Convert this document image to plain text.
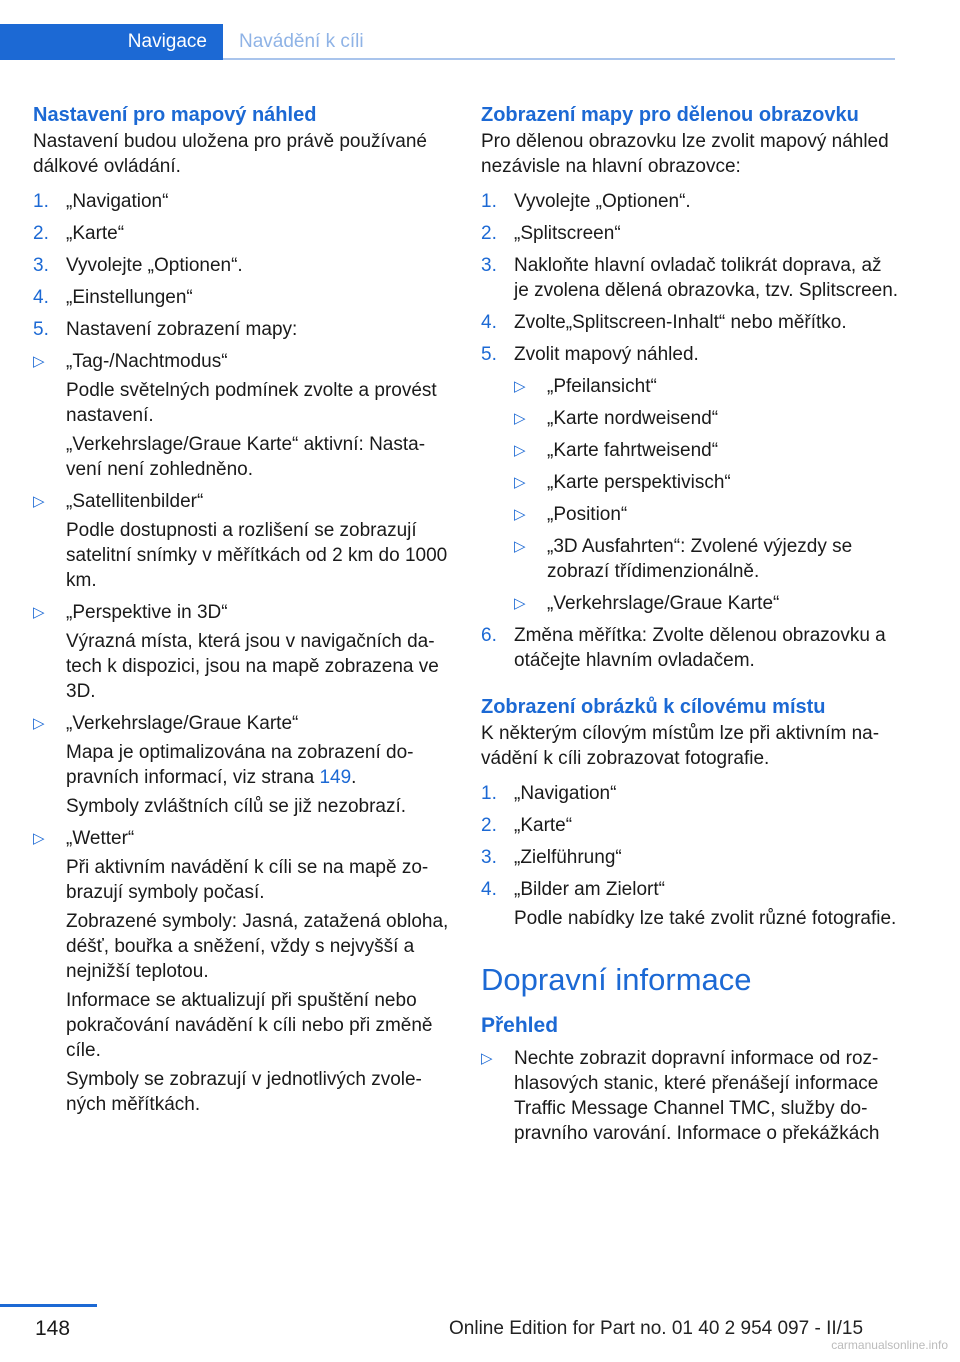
Navigace	Navádění k cíli
Nastavení pro mapový náhled

Nastavení budou uložena pro právě používané dálkové ovládání.

1. „Navigation“
2. „Karte“
3. Vyvolejte „Optionen“.
4. „Einstellungen“
5. Nastavení zobrazení mapy:
▷	„Tag-/Nachtmodus“

Podle světelných podmínek zvolte a provést nastavení.

„Verkehrslage/Graue Karte“ aktivní: Nastavení není zohledněno.

▷	„Satellitenbilder“

Podle dostupnosti a rozlišení se zobrazují satelitní snímky v měřítkách od 2 km do 1000 km.

▷	„Perspektive in 3D“

Výrazná místa, která jsou v navigačních datech k dispozici, jsou na mapě zobrazena ve 3D.

▷	„Verkehrslage/Graue Karte“

Mapa je optimalizována na zobrazení dopravních informací, viz strana 149.

Symboly zvláštních cílů se již nezobrazí.

▷	„Wetter“

Při aktivním navádění k cíli se na mapě zobrazují symboly počasí.

Zobrazené symboly: Jasná, zatažená obloha, déšť, bouřka a sněžení, vždy s nejvyšší a nejnižší teplotou.

Informace se aktualizují při spuštění nebo pokračování navádění k cíli nebo při změně cíle.

Symboly se zobrazují v jednotlivých zvolených měřítkách.

Zobrazení mapy pro dělenou obrazovku

Pro dělenou obrazovku lze zvolit mapový náhled nezávisle na hlavní obrazovce:

1. Vyvolejte „Optionen“.
2. „Splitscreen“
3. Nakloňte hlavní ovladač tolikrát doprava, až je zvolena dělená obrazovka, tzv. Splitscreen.
4. Zvolte„Splitscreen-Inhalt“ nebo měřítko.
5. Zvolit mapový náhled.
▷	„Pfeilansicht“
▷	„Karte nordweisend“
▷	„Karte fahrtweisend“
▷	„Karte perspektivisch“
▷	„Position“
▷	„3D Ausfahrten“: Zvolené výjezdy se zobrazí třídimenzionálně.
▷	„Verkehrslage/Graue Karte“
6. Změna měřítka: Zvolte dělenou obrazovku a otáčejte hlavním ovladačem.
Zobrazení obrázků k cílovému místu

K některým cílovým místům lze při aktivním navádění k cíli zobrazovat fotografie.

1. „Navigation“
2. „Karte“
3. „Zielführung“
4. „Bilder am Zielort“

Podle nabídky lze také zvolit různé fotografie.

Dopravní informace
Přehled
▷	Nechte zobrazit dopravní informace od rozhlasových stanic, které přenášejí informace Traffic Message Channel TMC, služby dopravního varování. Informace o překážkách
148	Online Edition for Part no. 01 40 2 954 097 - II/15
carmanualsonline.info
